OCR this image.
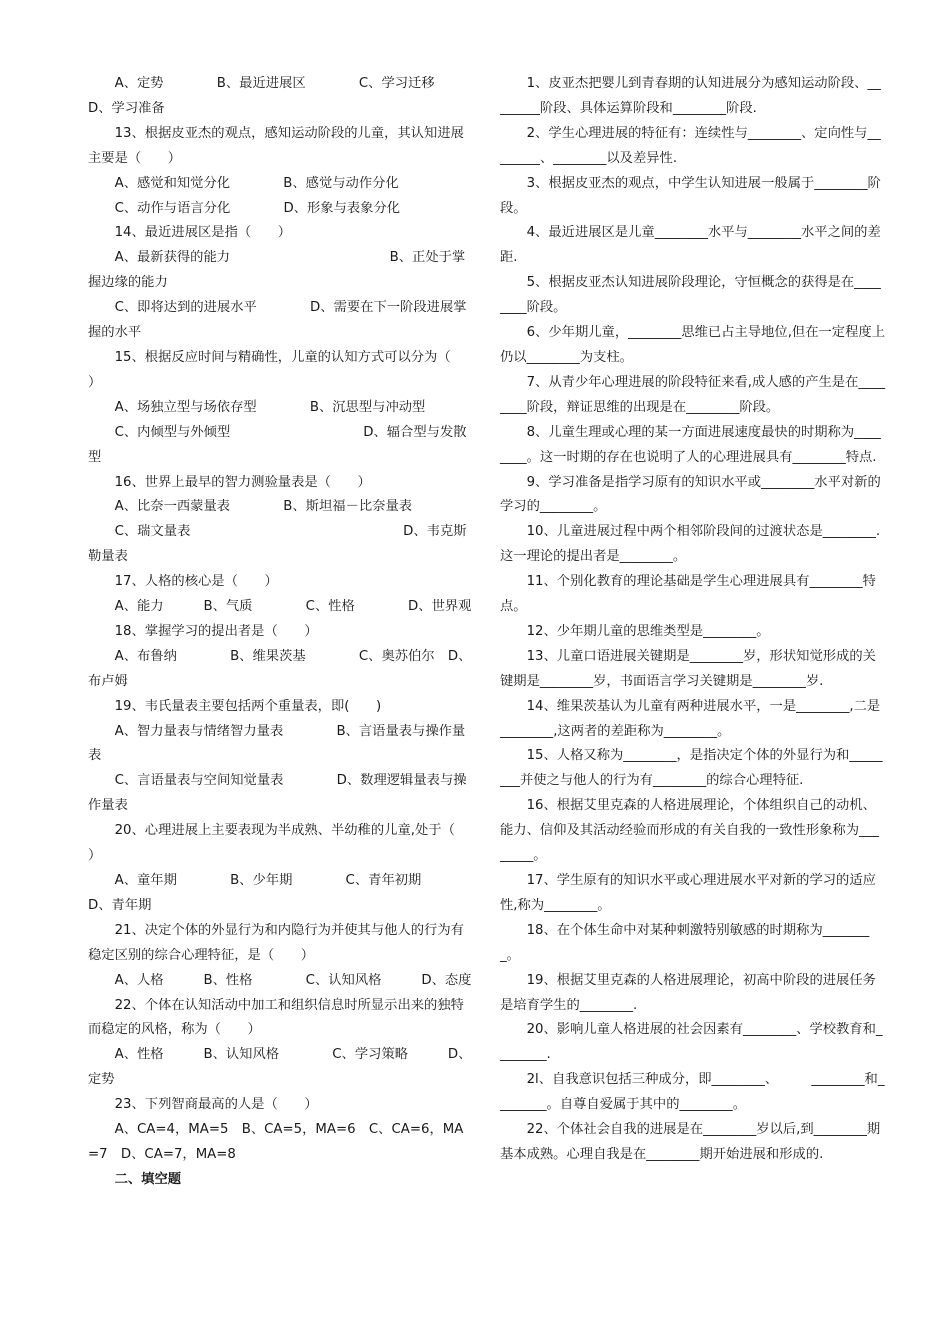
A、定势　　　　B、最近进展区　　　　C、学习迁移

D、学习准备

13、根据皮亚杰的观点，感知运动阶段的儿童，其认知进展主要是（　　）

A、感觉和知觉分化　　　　B、感觉与动作分化

C、动作与语言分化　　　　D、形象与表象分化

14、最近进展区是指（　　）

A、最新获得的能力　　　　　　　　　　　　B、正处于掌握边缘的能力

C、即将达到的进展水平　　　　D、需要在下一阶段进展掌握的水平

15、根据反应时间与精确性，儿童的认知方式可以分为（　　）

A、场独立型与场依存型　　　　B、沉思型与冲动型

C、内倾型与外倾型　　　　　　　　　　D、辐合型与发散型

16、世界上最早的智力测验量表是（　　）

A、比奈一西蒙量表　　　　B、斯坦福－比奈量表

C、瑞文量表　　　　　　　　　　　　　　　　D、韦克斯勒量表

17、人格的核心是（　　）

A、能力　　　B、气质　　　　C、性格　　　　D、世界观

18、掌握学习的提出者是（　　）

A、布鲁纳　　　　B、维果茨基　　　　C、奥苏伯尔　D、布卢姆

19、韦氏量表主要包括两个重量表，即(　　)

A、智力量表与情绪智力量表　　　　B、言语量表与操作量表

C、言语量表与空间知觉量表　　　　D、数理逻辑量表与操作量表

20、心理进展上主要表现为半成熟、半幼稚的儿童,处于（　　）

A、童年期　　　　B、少年期　　　　C、青年初期　　　D、青年期

21、决定个体的外显行为和内隐行为并使其与他人的行为有稳定区别的综合心理特征，是（　　）

A、人格　　　B、性格　　　　C、认知风格　　　D、态度

22、个体在认知活动中加工和组织信息时所显示出来的独特而稳定的风格，称为（　　）

A、性格　　　B、认知风格　　　　C、学习策略　　　D、定势

23、下列智商最高的人是（　　）

A、CA=4，MA=5　B、CA=5，MA=6　C、CA=6，MA=7　D、CA=7，MA=8

二、填空题

1、皮亚杰把婴儿到青春期的认知进展分为感知运动阶段、________阶段、具体运算阶段和________阶段.

2、学生心理进展的特征有：连续性与________、定向性与________、________以及差异性.

3、根据皮亚杰的观点，中学生认知进展一般属于________阶段。

4、最近进展区是儿童________水平与________水平之间的差距.

5、根据皮亚杰认知进展阶段理论，守恒概念的获得是在________阶段。

6、少年期儿童，________思维已占主导地位,但在一定程度上仍以________为支柱。

7、从青少年心理进展的阶段特征来看,成人感的产生是在________阶段，辩证思维的出现是在________阶段。

8、儿童生理或心理的某一方面进展速度最快的时期称为________。这一时期的存在也说明了人的心理进展具有________特点.

9、学习准备是指学习原有的知识水平或________水平对新的学习的________。

10、儿童进展过程中两个相邻阶段间的过渡状态是________. 这一理论的提出者是________。

11、个别化教育的理论基础是学生心理进展具有________特点。

12、少年期儿童的思维类型是________。

13、儿童口语进展关键期是________岁，形状知觉形成的关键期是________岁，书面语言学习关键期是________岁.

14、维果茨基认为儿童有两种进展水平，一是________,二是________,这两者的差距称为________。

15、人格又称为________，是指决定个体的外显行为和________并使之与他人的行为有________的综合心理特征.

16、根据艾里克森的人格进展理论，个体组织自己的动机、能力、信仰及其活动经验而形成的有关自我的一致性形象称为________。

17、学生原有的知识水平或心理进展水平对新的学习的适应性,称为________。

18、在个体生命中对某种刺激特别敏感的时期称为________。

19、根据艾里克森的人格进展理论，初高中阶段的进展任务是培育学生的________.

20、影响儿童人格进展的社会因素有________、学校教育和________.

2l、自我意识包括三种成分，即________、　　　________和________。自尊自爱属于其中的________。

22、个体社会自我的进展是在________岁以后,到________期基本成熟。心理自我是在________期开始进展和形成的.
